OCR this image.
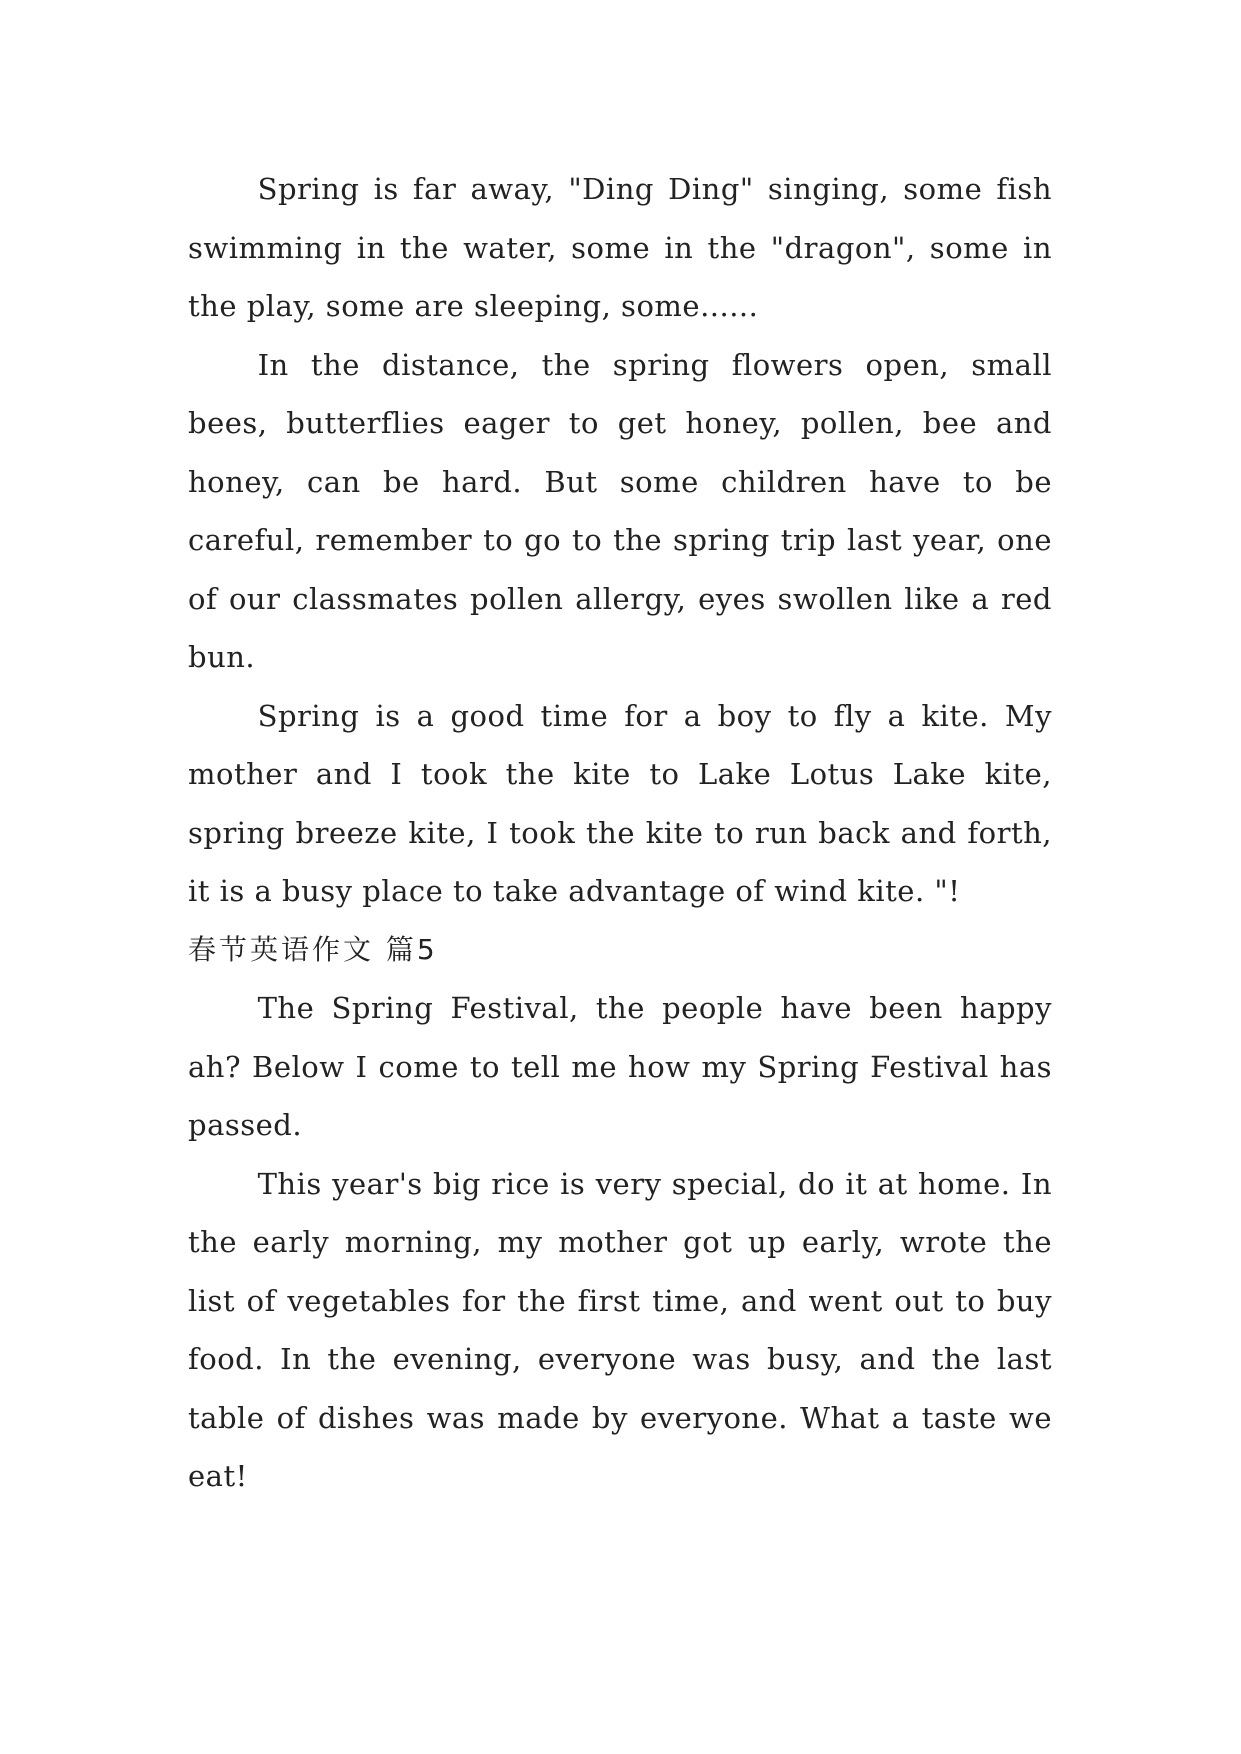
Spring is far away, "Ding Ding" singing, some fish swimming in the water, some in the "dragon", some in the play, some are sleeping, some......

In the distance, the spring flowers open, small bees, butterflies eager to get honey, pollen, bee and honey, can be hard. But some children have to be careful, remember to go to the spring trip last year, one of our classmates pollen allergy, eyes swollen like a red bun.

Spring is a good time for a boy to fly a kite. My mother and I took the kite to Lake Lotus Lake kite, spring breeze kite, I took the kite to run back and forth, it is a busy place to take advantage of wind kite. "!

春节英语作文 篇5

The Spring Festival, the people have been happy ah? Below I come to tell me how my Spring Festival has passed.

This year's big rice is very special, do it at home. In the early morning, my mother got up early, wrote the list of vegetables for the first time, and went out to buy food. In the evening, everyone was busy, and the last table of dishes was made by everyone. What a taste we eat!
